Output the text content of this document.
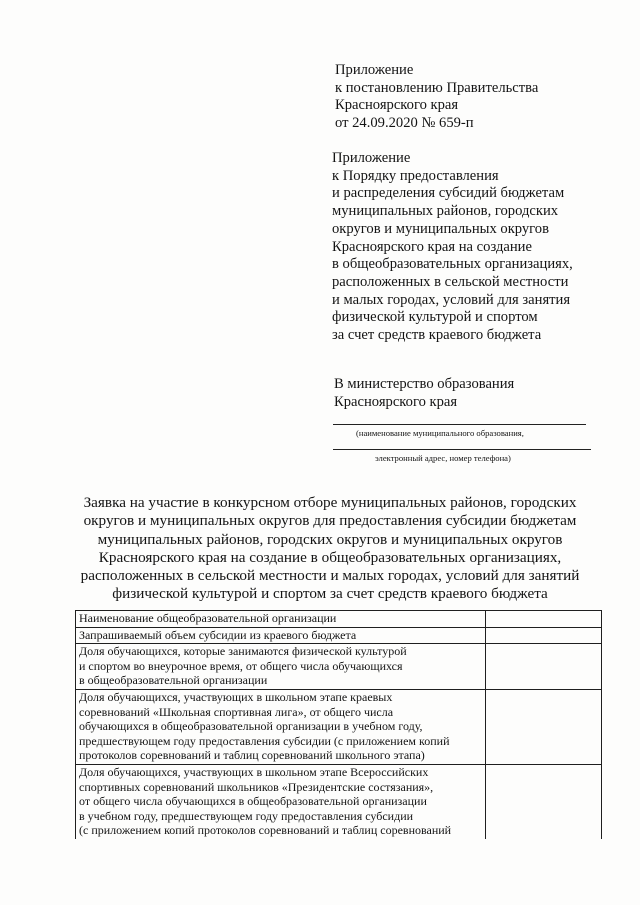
Приложение
к постановлению Правительства
Красноярского края
от 24.09.2020 № 659-п
Приложение
к Порядку предоставления
и распределения субсидий бюджетам
муниципальных районов, городских
округов и муниципальных округов
Красноярского края на создание
в общеобразовательных организациях,
расположенных в сельской местности
и малых городах, условий для занятия
физической культурой и спортом
за счет средств краевого бюджета
В министерство образования
Красноярского края
(наименование муниципального образования,
электронный адрес, номер телефона)
Заявка на участие в конкурсном отборе муниципальных районов, городских
округов и муниципальных округов для предоставления субсидии бюджетам
муниципальных районов, городских округов и муниципальных округов
Красноярского края на создание в общеобразовательных организациях,
расположенных в сельской местности и малых городах, условий для занятий
физической культурой и спортом за счет средств краевого бюджета
Наименование общеобразовательной организации	

Запрашиваемый объем субсидии из краевого бюджета	

Доля обучающихся, которые занимаются физической культурой
и спортом во внеурочное время, от общего числа обучающихся
в общеобразовательной организации	

Доля обучающихся, участвующих в школьном этапе краевых
соревнований «Школьная спортивная лига», от общего числа
обучающихся в общеобразовательной организации в учебном году,
предшествующем году предоставления субсидии (с приложением копий
протоколов соревнований и таблиц соревнований школьного этапа)	

Доля обучающихся, участвующих в школьном этапе Всероссийских
спортивных соревнований школьников «Президентские состязания»,
от общего числа обучающихся в общеобразовательной организации
в учебном году, предшествующем году предоставления субсидии
(с приложением копий протоколов соревнований и таблиц соревнований	
